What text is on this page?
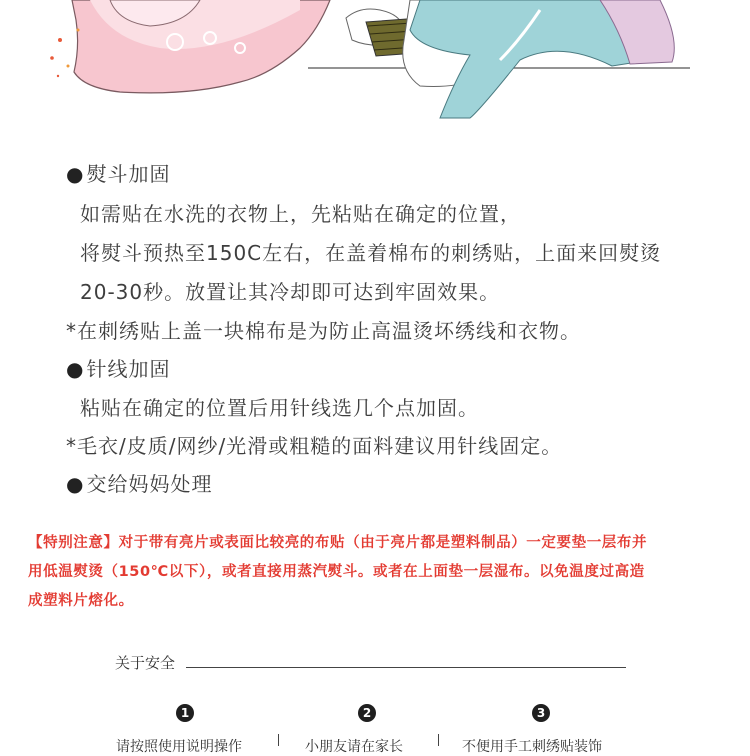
● 熨斗加固
如需贴在水洗的衣物上，先粘贴在确定的位置，
将熨斗预热至150C左右，在盖着棉布的刺绣贴，上面来回熨烫
20-30秒。放置让其冷却即可达到牢固效果。
*在刺绣贴上盖一块棉布是为防止高温烫坏绣线和衣物。
● 针线加固
粘贴在确定的位置后用针线选几个点加固。
*毛衣/皮质/网纱/光滑或粗糙的面料建议用针线固定。
● 交给妈妈处理
【特别注意】对于带有亮片或表面比较亮的布贴（由于亮片都是塑料制品）一定要垫一层布并
用低温熨烫（150℃以下），或者直接用蒸汽熨斗。或者在上面垫一层湿布。以免温度过高造
成塑料片熔化。
关于安全
1	2	3
请按照使用说明操作	小朋友请在家长	不便用手工刺绣贴装饰
